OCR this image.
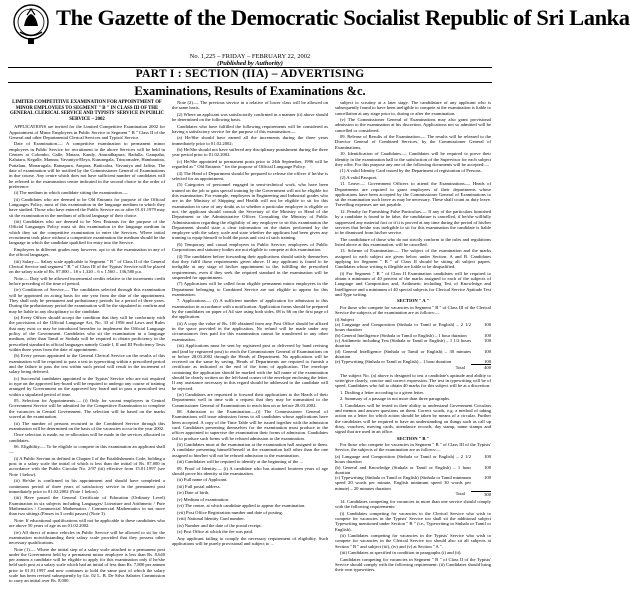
The Gazette of the Democratic Socialist Republic of Sri Lanka
No. 1,225 – FRIDAY – FEBRUARY 22, 2002
(Published by Authority)
PART I : SECTION (IIA) – ADVERTISING
Examinations, Results of Examinations &c.

LIMITED COMPETITIVE EXAMINATION FOR APPOINTMENT OF MINOR EMPLOYEES TO SEGMENT " B " IN CLASS III OF THE GENERAL CLERICAL SERVICE AND TYPISTS' SERVICE IN PUBLIC SERVICE – 2002

APPLICATIONS are invited for the Limited Competitive Examination 2002 for Appointment of Minor Employees in Public Service to Segment " B " Class II of the General and other Departmental Clerical Services and Typists' Service.

Date of Examination.— A competitive examination to permanent minor employees in Public Service for recruitment to the above Services will be held in Centres at Colombo, Galle, Matara, Kandy, Anuradhapura, Badulla, Gampaha, Kalutara, Kegalle, Mannar, Vavuniya-Eleya, Kurunegala, Trincomalee, Hambantota, Puttalam, Monaragala, Ratnapura, Ampara, Batticaloa, Vavuniya and Jaffna. The date of examination will be notified by the Commissioner General of Examinations in due course. Any centre which does not have sufficient number of candidates will be referred to the examination centre indicated in the second choice in the order of preference.

(i) The medium in which candidate sitting the examination.—

(ii) Candidates who are deemed to be Old Entrants for purpose of the Official Languages Policy, most of this examination in the language medium in which they have studied. Those who have entered the Public Service on or after 01.01.1979 may sit the examination in the medium of official language of their choice.

(iii) Candidates who are deemed to be New Entrants for the purpose of the Official Languages Policy must sit this examination in the language medium in which they sat the competitive examination to enter the Services. Where initial recruitment took place without a competitive examination the medium should be the language in which the candidate qualified for entry into the Service.

Employees in different grades may however, opt to sit the examination in any of the official languages.

(iii) Salary.— Salary scale applicable to Segment " B " of Class II of the General Clerical Service and segment " B " of Class III of the Typists' Service will be placed on the salary scale of Rs. 87,000 – 18 x 1,320 – 6 x 1,560 – 136,580 p.a.

Note.— Duty will be allowed incremental credits relative to the increments credit before preceding of the time of period.

(iv) Conditions of Service.— The candidates selected through this examination will be appointed on acting basis for one year from the date of the appointment. They shall only be permanent and probationary periods for a period of three years. During the probationary period the examination will be the stipulated to confirm and may be liable to any disciplinary to the candidate.

(a) Every Officer should accept the condition that they will be conformity with the provisions of the Official Language Act, No. 33 of 1956 and Laws and Rules that may exist or may be introduced hereafter to implement the Official Language policy of the Government. Candidates who sit the examination in a language medium, other than Tamil or Sinhala will be required to obtain proficiency in the prescribed standard in official languages namely Grade I, II and III Proficiency Tests within three years from the date of appointment.

(b) Every person appointed to the General Clerical Service on the results of this examination will be required to pass a test in typewriting within a prescribed period and the failure to pass the test within such period will result in the increment of salary being deferred.

(c) Successful candidates appointed to the Typists' Service who are not required to type on the approved key-board will be required to undergo any course of training arranged by Government on the approved key board and to pass a prescribed test within a stipulated period of time.

05. Selection for Appointments.— (i) Only for vacant employees in Central Government Service will be admitted for the Competitive Examination to complete the vacancies in Central Government. The selection will be based on the marks scored at the examination.

(ii) The number of persons recruited to the Combined Service through this examination will be determined on the basis of the vacancies occur in the year 2002.

Once selection is made, no re-allocation will be made in the services allocated to candidates.

06. Eligibility.— To be eligible to compete in this examination an applicant shall—

(i) A Public Servant as defined in Chapter I of the Establishments Code; holding a post in a salary scale the initial of which is less than the initial of Rs. 87,000 in accordance with the Public Circular No. 2/97 (iii) effective from 15.01.1997 (see Note 1 below).

(ii) He/she is confirmed in his appointment and should have completed a continuous period of three years of satisfactory service in the permanent post immediately prior to 01.02.2002 (Note 1 below).

(iii) Have passed the General Certificate of Education (Ordinary Level) Examination in six subjects including Languages/ Literature and Arithmetic / Pure Mathematics / Commercial Mathematics / Commercial Mathematics in not more than two sittings (Passes in 3 credit passes) (Note 3).

Note: If educational qualifications will not be applicable to these candidates who are above 50 years of age as on 01.02.2002.

(iv) All direct of minor vehicles in Public Service will be allowed to sit for the examination notwithstanding their salary scale provided that they possess other necessary qualifications.

Note (1).— Where the initial step of a salary scale attached to a permanent post under the Government held by a permanent minor employee is less than Rs. 8,640 per annum a candidate will be eligible to apply for this examination only if he/she held such post at a salary scale which had an initial of less than Rs. 7,800 per annum prior to 01.01.1997 and now continues to hold the same post of which the salary scale has been revised subsequently by Ltr. 02 L. B. De Silva Salaries Commission to carry an initial over Rs. 8,000.

Note (2).— The previous service in a relative of lower class will be allowed on the same basis.

(2) Where an applicant was satisfactorily confirmed in a manner (ii) above should be determined on the following basis.

Candidates who have fulfilled the following requirements will be considered as having a satisfactory service for the purpose of this examination:—

(a) He/She should have earned all the increments during the three years immediately prior to 01.02.2002;

(b) He/She should not have suffered any disciplinary punishment during the three year period prior to 01.02.2002.

(c) He/She appointed to permanent posts prior to 24th September, 1996 will be regarded as " Old Entrants " for the purpose of Official Language Policy.

(4) The Head of Department should be prepared to release the officer if he/she is selected for an appointment.

(5) Categories of personnel engaged in semi-technical work, who have been trained on the job or gain special training by the Government will not be eligible for this examination. For example, employees in Engineering and Industrial grades who are in the Ministry of Shipping and Health will not be eligible to sit for this examination in case of any doubt as to whether a particular employee is eligible or not, the applicant should consult the Secretary of the Ministry or Head of the Department or the Administrative Officer. Consulting the Ministry of Public Administration regarding the eligibility of any employee to sit this examination the Department should state a clear information on the duties performed by the employee with the salary scale and state whether the applicant had been given any training to equip himself to hold the posts and cost of such training.

(6) Temporary and casual employees in Public Service; employees of Public Corporations and statutory bodies are not eligible to compete at this examination.

(4) The candidates before forwarding their applications should satisfy themselves that they fulfil those requirements given above. If any applicant is found to be ineligible at any stage of his/her appointment to the, fulfilling the prescribed requirements, even if they seek the required standard in the examination will be suspended for appointment.

(7) Applications will be called from eligible permanent minor employees in the Department belonging to Combined Service are not eligible to appear for this examination.

7. Applications.— (i) A sufficient number of application for admission to this examination in accordance with a notification. Application forms should be prepared by the candidates on paper of A4 size using both sides. 08 is 66 on the first page of the application.

(ii) A copy the value of Rs. 100 obtained from any Post Office should be affixed in the space provided in the application. No refund will be made under any circumstances fees paid for this examination cannot be transferred to any other examination.

(iii) Applications must be sent by registered post or delivered by hand revising and (and by registered post) to reach the Commissioner General of Examinations on or before 28.03.2002 through the Heads of Department. No applications will be received on the same by saving. Heads of Departments are required to furnish a certificate as indicated at the end of the form of application. The envelope containing the application should be marked with the full name of the examination should be clearly written on the left-hand corner of the envelope enclosing the letter. If any assistance necessary in this regard should be addressed to the candidate will be rejected.

(iv) Candidates are requested to forward their applications to the Heads of their Departments well in time with a request that they may be transmitted to the Commissioner General of Examinations to reach him on or before 28.03.2002.

08. Admission to the Examination.—(i) The Commissioner General of Examinations will issue admission forms to all candidates whose applications have been accepted. A copy of the Time Table will be issued together with the admission card. Candidates presenting themselves for the examination must produce to the officer appointed to supervise the examination their forms of admission. Candidates fail to produce such forms will be refused admission to the examination.

(ii) Candidates must at the examination at the examination hall assigned to them. A candidate presenting himself/herself at the examination hall other than the one assigned to him/her will not be refused admission to the examination.

(iii) Candidates will be required to identify at the beginning of the ...

09. Proof of Identity.— (i) A candidate who has attained fourteen years of age should prove his identity at the examination.

(ii) Full name of Applicant.

(iii) Full postal address.

(iv) Date of birth.

(v) Medium of examination.

(vi) The centre, at which candidate applied to appear the examination.

(vii) Post Office Registration number and date of posting.

(viii) National Identity Card number.

(ix) Number and the date of the postal receipt.

(x) Post Office at which the fee was paid.

Any applicant failing to comply the necessary requirement of eligibility. Such applications will be purely provisional and subject to ...

subject to scrutiny at a later stage. The candidature of any applicant who is subsequently found to have been ineligible to compete at the examination is liable to cancellation at any stage prior to, during or after the examination.

(v) The Commissioner General of Examinations may also grant provisional admission to the examination at his discretion. Applications not so admitted will be cancelled or considered.

09. Release of Results of the Examination.— The results will be released to the Director General of Combined Services, by the Commissioner General of Examinations.

10. Identification of Candidates.— Candidates will be required to prove their identity in the examination hall to the satisfaction of the Supervisor for each subject they offer. For this purpose any one of the following documents will be accepted:—

(1) A valid Identity Card issued by the Department of registration of Persons.

(2) A valid Passport.

11. Leave.— Government Officers to attend the Examinations.— Heads of Departments are required to grant employees of their departments whose applications have been accepted by the Commissioner General of Examinations to sit the examination such leave as may be necessary. These shall count as duty leave. Travelling expenses are not payable.

12. Penalty for Furnishing False Particulars.— If any of the particulars furnished by a candidate is found to be false, the candidature is cancelled, if he/she willfully suppressed any material fact or if it is proved at any time during the period of his/her services that he/she was ineligible to sit for this examination the candidate is liable to be dismissed from his/her service.

The candidature of those who do not strictly conform to the rules and regulations listed above at this examination, will be cancelled.

13. Scheme of Examination.— The subject of the examination and the marks assigned to each subject are given below under Section. A and B. Candidates applying for Segment " B " of Class II should be sitting all subject papers. Candidates whose writing is illegible are liable to be disqualified.

(i) For Segment " B " of Class II Examination candidates will be required to obtain a minimum of 40 percent of the marks assigned to each of the subjects of Language and Composition and, Arithmetic including Test of Knowledge and Intelligence and a minimum of 40 special subjects for Clerical Service Aptitude Test and Type writing.

SECTION " A "

For those who compete for vacancies in Segment " B " of Class III of the Clerical Service the subjects of the examination are as follows:—

(i) Subject	
(a) Language and Composition (Sinhala or Tamil or English) – 2 1/2 hours duration	100
(b) General Intelligence (Sinhala or Tamil or English) – 1 hour duration	100
(c) Arithmetic including Test (Sinhala or Tamil or English) – 1 1/2 hours duration	100
(d) General Intelligence (Sinhala or Tamil or English) – 30 minutes duration	100
(e) Typewriting (Sinhala or Tamil or English) – 1 hour duration	100
Total	400

The subject No. (a) above is designed to test a candidate's aptitude and ability to write/give clearly, concise and correct expression. The test in typewriting will be of speed. Candidates who fail to obtain 40 marks for this subject will be at a discretion.

1. Drafting a letter according to a given letter.

2. Summary of a passage in not more than three paragraphs.

3. Candidates will be tested in their ability to understand Government Circulars and memos and answer questions on them. Correct words, e.g. a method of taking action on a letter for which action should be taken by means of a circular. Further the candidates will be required to have an understanding on things such as call up diary, vouchers, moving cards, attendance records, day stamp, name stamps and signal that are used in an office.

SECTION " B "

For those who compete for vacancies in Segment " B " of Class III of the Typists' Service, the subjects of the examination are as follows:—

(a) Language and Composition (Sinhala or Tamil or English) – 2 1/2 hours duration	100
(b) General and Knowledge (Sinhala or Tamil or English) – 1 hour duration	100
(c) Typewriting (Sinhala or Tamil or English) (Sinhala or Tamil minimum speed 20 words per minute, English minimum speed 30 words per minute) – 20 minutes duration	100
Total	300

14. Candidates competing for vacancies in more than one service should comply with the following requirements:

(i) Candidates competing for vacancies to the Clerical Service who wish to compete for vacancies in the Typists' Service too shall sit the additional subject Typewriting mentioned under Section " B " (i.e., Typewriting in Sinhala or Tamil or English).

(ii) Candidates competing for vacancies in the Typists' Service who wish to compete for vacancies in the Clerical Service too should also sit all subjects at Section " B " and subject (iii), (iv) and (v) at Section " A ".

(iii) Candidates as specified in condition in paragraphs (i) and (ii).

Candidates competing for vacancies in Segment " B " of Class II of the Typists' Service should comply with the following requirement: (ii) Candidates should bring their own typewriters.
